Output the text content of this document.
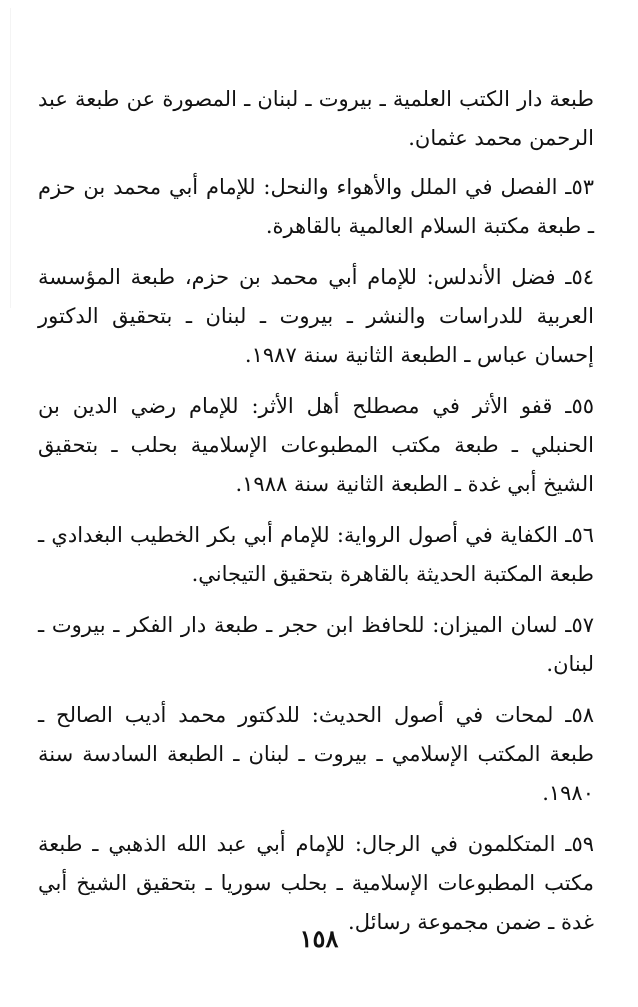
طبعة دار الكتب العلمية ـ بيروت ـ لبنان ـ المصورة عن طبعة عبد الرحمن محمد عثمان.

٥٣ـ الفصل في الملل والأهواء والنحل: للإمام أبي محمد بن حزم ـ طبعة مكتبة السلام العالمية بالقاهرة.

٥٤ـ فضل الأندلس: للإمام أبي محمد بن حزم، طبعة المؤسسة العربية للدراسات والنشر ـ بيروت ـ لبنان ـ بتحقيق الدكتور إحسان عباس ـ الطبعة الثانية سنة ١٩٨٧.

٥٥ـ قفو الأثر في مصطلح أهل الأثر: للإمام رضي الدين بن الحنبلي ـ طبعة مكتب المطبوعات الإسلامية بحلب ـ بتحقيق الشيخ أبي غدة ـ الطبعة الثانية سنة ١٩٨٨.

٥٦ـ الكفاية في أصول الرواية: للإمام أبي بكر الخطيب البغدادي ـ طبعة المكتبة الحديثة بالقاهرة بتحقيق التيجاني.

٥٧ـ لسان الميزان: للحافظ ابن حجر ـ طبعة دار الفكر ـ بيروت ـ لبنان.

٥٨ـ لمحات في أصول الحديث: للدكتور محمد أديب الصالح ـ طبعة المكتب الإسلامي ـ بيروت ـ لبنان ـ الطبعة السادسة سنة ١٩٨٠.

٥٩ـ المتكلمون في الرجال: للإمام أبي عبد الله الذهبي ـ طبعة مكتب المطبوعات الإسلامية ـ بحلب سوريا ـ بتحقيق الشيخ أبي غدة ـ ضمن مجموعة رسائل.

١٥٨
